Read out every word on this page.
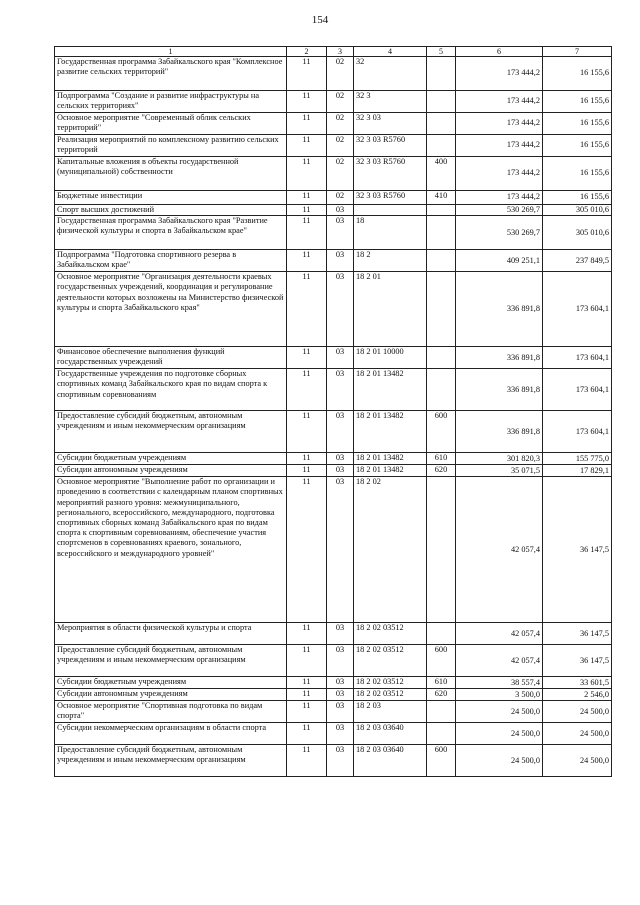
154
1	2	3	4	5	6	7
Государственная программа Забайкальского края "Комплексное развитие сельских территорий"	11	02	32		173 444,2	16 155,6
Подпрограмма "Создание и развитие инфраструктуры на сельских территориях"	11	02	32 3		173 444,2	16 155,6
Основное мероприятие "Современный облик сельских территорий"	11	02	32 3 03		173 444,2	16 155,6
Реализация мероприятий по комплексному развитию сельских территорий	11	02	32 3 03 R5760		173 444,2	16 155,6
Капитальные вложения в объекты государственной (муниципальной) собственности	11	02	32 3 03 R5760	400	173 444,2	16 155,6
Бюджетные инвестиции	11	02	32 3 03 R5760	410	173 444,2	16 155,6
Спорт высших достижений	11	03			530 269,7	305 010,6
Государственная программа Забайкальского края "Развитие физической культуры и спорта в Забайкальском крае"	11	03	18		530 269,7	305 010,6
Подпрограмма "Подготовка спортивного резерва в Забайкальском крае"	11	03	18 2		409 251,1	237 849,5
Основное мероприятие "Организация деятельности краевых государственных учреждений, координация и регулирование деятельности которых возложены на Министерство физической культуры и спорта Забайкальского края"	11	03	18 2 01		336 891,8	173 604,1
Финансовое обеспечение выполнения функций государственных учреждений	11	03	18 2 01 10000		336 891,8	173 604,1
Государственные учреждения по подготовке сборных спортивных команд Забайкальского края по видам спорта к спортивным соревнованиям	11	03	18 2 01 13482		336 891,8	173 604,1
Предоставление субсидий бюджетным, автономным учреждениям и иным некоммерческим организациям	11	03	18 2 01 13482	600	336 891,8	173 604,1
Субсидии бюджетным учреждениям	11	03	18 2 01 13482	610	301 820,3	155 775,0
Субсидии автономным учреждениям	11	03	18 2 01 13482	620	35 071,5	17 829,1
Основное мероприятие "Выполнение работ по организации и проведению в соответствии с календарным планом спортивных мероприятий разного уровня: межмуниципального, регионального, всероссийского, международного, подготовка спортивных сборных команд Забайкальского края по видам спорта к спортивным соревнованиям, обеспечение участия спортсменов в соревнованиях краевого, зонального, всероссийского и международного уровней"	11	03	18 2 02		42 057,4	36 147,5
Мероприятия в области физической культуры и спорта	11	03	18 2 02 03512		42 057,4	36 147,5
Предоставление субсидий бюджетным, автономным учреждениям и иным некоммерческим организациям	11	03	18 2 02 03512	600	42 057,4	36 147,5
Субсидии бюджетным учреждениям	11	03	18 2 02 03512	610	38 557,4	33 601,5
Субсидии автономным учреждениям	11	03	18 2 02 03512	620	3 500,0	2 546,0
Основное мероприятие "Спортивная подготовка по видам спорта"	11	03	18 2 03		24 500,0	24 500,0
Субсидии некоммерческим организациям в области спорта	11	03	18 2 03 03640		24 500,0	24 500,0
Предоставление субсидий бюджетным, автономным учреждениям и иным некоммерческим организациям	11	03	18 2 03 03640	600	24 500,0	24 500,0
